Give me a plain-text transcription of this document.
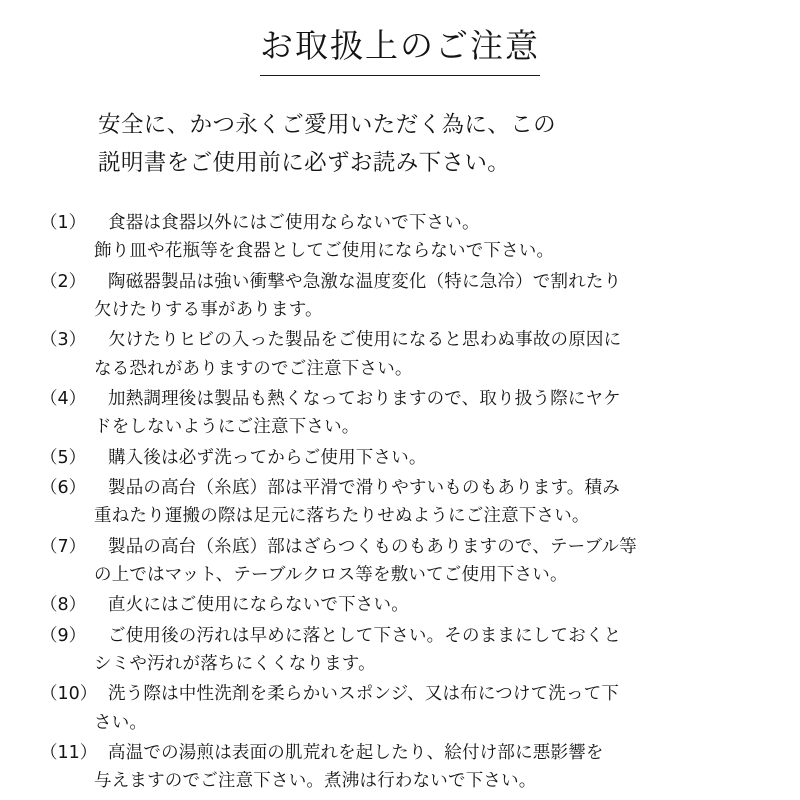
お取扱上のご注意
安全に、かつ永くご愛用いただく為に、この
説明書をご使用前に必ずお読み下さい。
（1）	食器は食器以外にはご使用ならないで下さい。
飾り皿や花瓶等を食器としてご使用にならないで下さい。
（2）	陶磁器製品は強い衝撃や急激な温度変化（特に急冷）で割れたり
欠けたりする事があります。
（3）	欠けたりヒビの入った製品をご使用になると思わぬ事故の原因に
なる恐れがありますのでご注意下さい。
（4）	加熱調理後は製品も熱くなっておりますので、取り扱う際にヤケ
ドをしないようにご注意下さい。
（5）	購入後は必ず洗ってからご使用下さい。
（6）	製品の高台（糸底）部は平滑で滑りやすいものもあります。積み
重ねたり運搬の際は足元に落ちたりせぬようにご注意下さい。
（7）	製品の高台（糸底）部はざらつくものもありますので、テーブル等
の上ではマット、テーブルクロス等を敷いてご使用下さい。
（8）	直火にはご使用にならないで下さい。
（9）	ご使用後の汚れは早めに落として下さい。そのままにしておくと
シミや汚れが落ちにくくなります。
（10） 洗う際は中性洗剤を柔らかいスポンジ、又は布につけて洗って下
さい。
（11） 高温での湯煎は表面の肌荒れを起したり、絵付け部に悪影響を
与えますのでご注意下さい。煮沸は行わないで下さい。
